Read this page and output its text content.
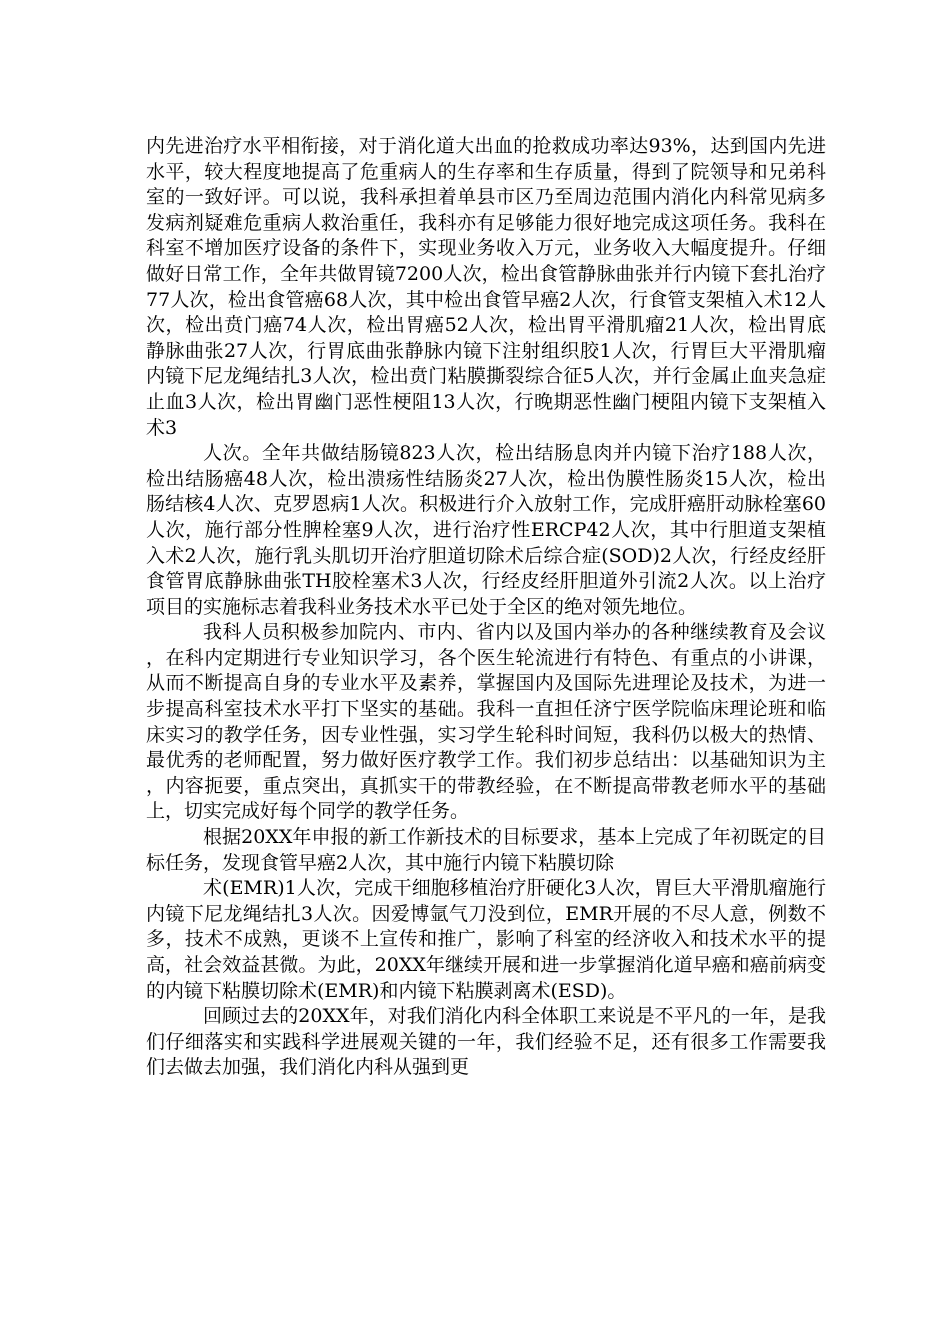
内先进治疗水平相衔接，对于消化道大出血的抢救成功率达93%，达到国内先进水平，较大程度地提高了危重病人的生存率和生存质量，得到了院领导和兄弟科室的一致好评。可以说，我科承担着单县市区乃至周边范围内消化内科常见病多发病剂疑难危重病人救治重任，我科亦有足够能力很好地完成这项任务。我科在科室不增加医疗设备的条件下，实现业务收入万元，业务收入大幅度提升。仔细做好日常工作，全年共做胃镜7200人次，检出食管静脉曲张并行内镜下套扎治疗77人次，检出食管癌68人次，其中检出食管早癌2人次，行食管支架植入术12人次，检出贲门癌74人次，检出胃癌52人次，检出胃平滑肌瘤21人次，检出胃底静脉曲张27人次，行胃底曲张静脉内镜下注射组织胶1人次，行胃巨大平滑肌瘤内镜下尼龙绳结扎3人次，检出贲门粘膜撕裂综合征5人次，并行金属止血夹急症止血3人次，检出胃幽门恶性梗阻13人次，行晚期恶性幽门梗阻内镜下支架植入术3

人次。全年共做结肠镜823人次，检出结肠息肉并内镜下治疗188人次，检出结肠癌48人次，检出溃疡性结肠炎27人次，检出伪膜性肠炎15人次，检出肠结核4人次、克罗恩病1人次。积极进行介入放射工作，完成肝癌肝动脉栓塞60人次，施行部分性脾栓塞9人次，进行治疗性ERCP42人次，其中行胆道支架植入术2人次，施行乳头肌切开治疗胆道切除术后综合症(SOD)2人次，行经皮经肝食管胃底静脉曲张TH胶栓塞术3人次，行经皮经肝胆道外引流2人次。以上治疗项目的实施标志着我科业务技术水平已处于全区的绝对领先地位。

我科人员积极参加院内、市内、省内以及国内举办的各种继续教育及会议，在科内定期进行专业知识学习，各个医生轮流进行有特色、有重点的小讲课，从而不断提高自身的专业水平及素养，掌握国内及国际先进理论及技术，为进一步提高科室技术水平打下坚实的基础。我科一直担任济宁医学院临床理论班和临床实习的教学任务，因专业性强，实习学生轮科时间短，我科仍以极大的热情、最优秀的老师配置，努力做好医疗教学工作。我们初步总结出：以基础知识为主，内容扼要，重点突出，真抓实干的带教经验，在不断提高带教老师水平的基础上，切实完成好每个同学的教学任务。

根据20XX年申报的新工作新技术的目标要求，基本上完成了年初既定的目标任务，发现食管早癌2人次，其中施行内镜下粘膜切除

术(EMR)1人次，完成干细胞移植治疗肝硬化3人次，胃巨大平滑肌瘤施行内镜下尼龙绳结扎3人次。因爱博氩气刀没到位，EMR开展的不尽人意，例数不多，技术不成熟，更谈不上宣传和推广，影响了科室的经济收入和技术水平的提高，社会效益甚微。为此，20XX年继续开展和进一步掌握消化道早癌和癌前病变的内镜下粘膜切除术(EMR)和内镜下粘膜剥离术(ESD)。

回顾过去的20XX年，对我们消化内科全体职工来说是不平凡的一年，是我们仔细落实和实践科学进展观关键的一年，我们经验不足，还有很多工作需要我们去做去加强，我们消化内科从强到更
